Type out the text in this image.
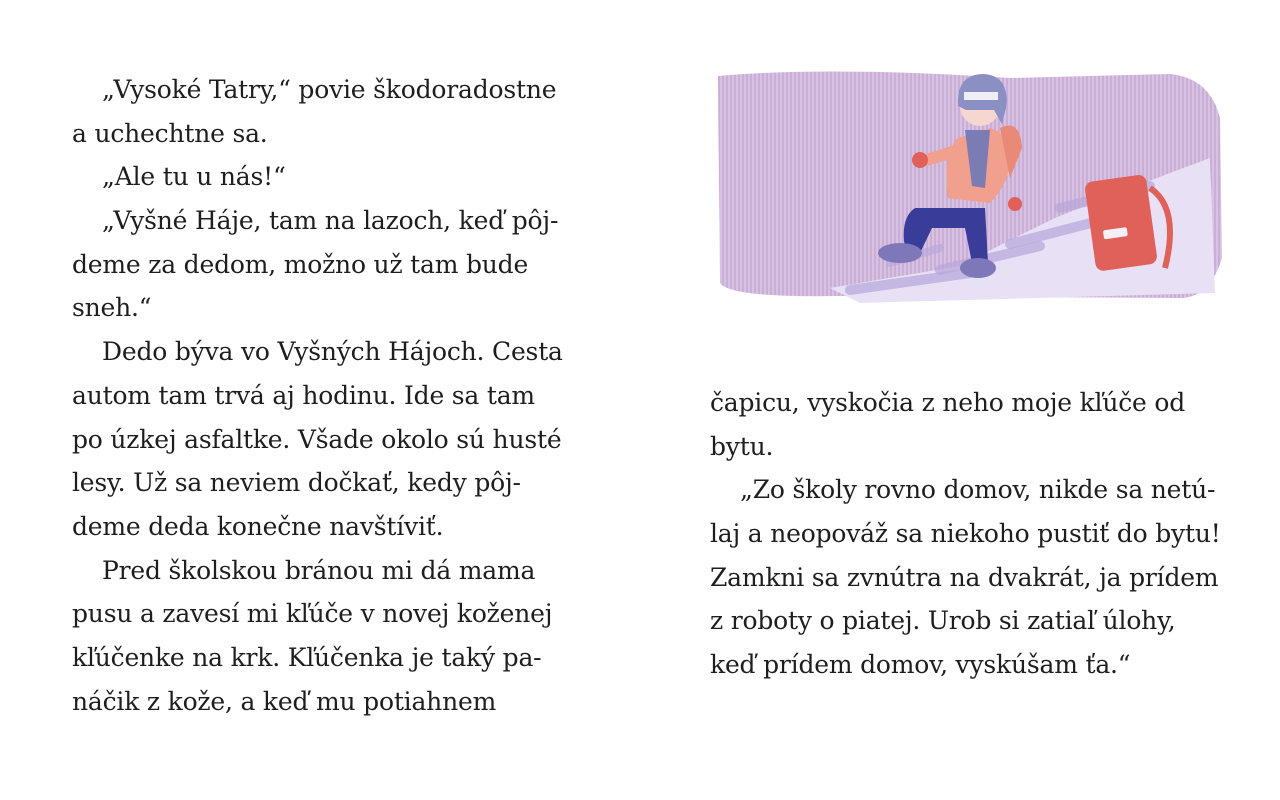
„Vysoké Tatry,“ povie škodoradostne
a uchechtne sa.
„Ale tu u nás!“
„Vyšné Háje, tam na lazoch, keď pôj-
deme za dedom, možno už tam bude
sneh.“
Dedo býva vo Vyšných Hájoch. Cesta
autom tam trvá aj hodinu. Ide sa tam
po úzkej asfaltke. Všade okolo sú husté
lesy. Už sa neviem dočkať, kedy pôj-
deme deda konečne navštíviť.
Pred školskou bránou mi dá mama
pusu a zavesí mi kľúče v novej koženej
kľúčenke na krk. Kľúčenka je taký pa-
náčik z kože, a keď mu potiahnem
čapicu, vyskočia z neho moje kľúče od
bytu.
„Zo školy rovno domov, nikde sa netú-
laj a neopováž sa niekoho pustiť do bytu!
Zamkni sa zvnútra na dvakrát, ja prídem
z roboty o piatej. Urob si zatiaľ úlohy,
keď prídem domov, vyskúšam ťa.“
